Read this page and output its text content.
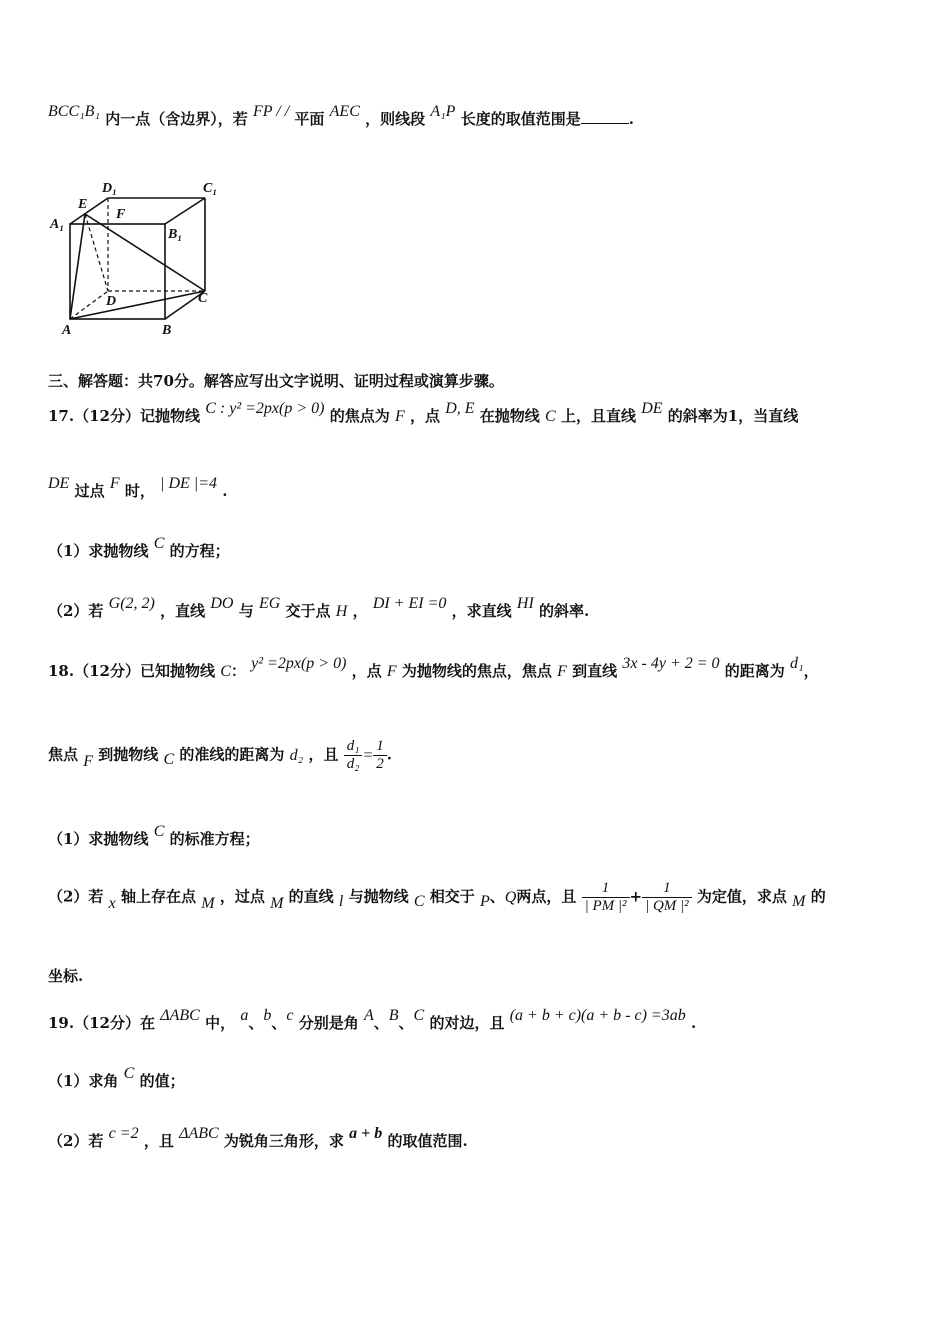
BCC₁B₁ 内一点（含边界），若 FP / / 平面 AEC ，则线段 A₁P 长度的取值范围是	.
D₁	C₁
A₁
E
F
B₁
D	C
A	B
三、解答题：共70分。解答应写出文字说明、证明过程或演算步骤。
17.（12分）记抛物线 C : y² =2px(p > 0) 的焦点为 F ，点 D, E 在抛物线 C 上，且直线 DE 的斜率为1，当直线
DE 过点 F 时， | DE |=4 .
（1）求抛物线 C 的方程；
（2）若 G(2, 2) ，直线 DO 与 EG 交于点 H ， DI + EI =0 ，求直线 HI 的斜率.
18.（12分）已知抛物线 C： y² =2px(p > 0) ，点 F 为抛物线的焦点，焦点 F 到直线 3x - 4y + 2 = 0 的距离为 d₁，
焦点 F 到抛物线 C 的准线的距离为 d₂ ，且 $\frac{\text{d₁}}{\text{d₂}} = \frac{1}{2}$ .
（1）求抛物线 C 的标准方程；
（2）若 x 轴上存在点 M ，过点 M 的直线 l 与抛物线 C 相交于 P、Q两点，且 $\frac{1}{\text{| PM |²}} + \frac{1}{\text{| QM |²}}$ 为定值，求点 M 的
坐标.
19.（12分）在 ΔABC 中， a、b、c 分别是角 A、B、C 的对边，且 (a + b + c)(a + b - c) =3ab .
（1）求角 C 的值；
（2）若 c =2 ，且 ΔABC 为锐角三角形，求 a + b 的取值范围.
